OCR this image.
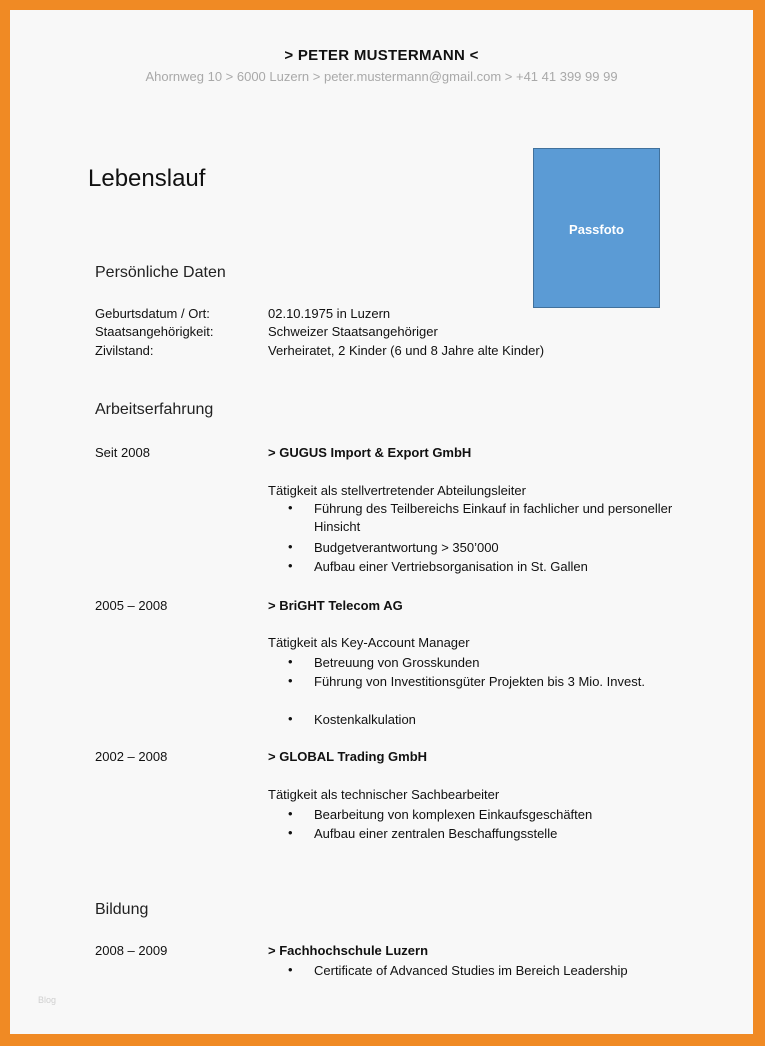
> PETER MUSTERMANN <
Ahornweg 10 > 6000 Luzern > peter.mustermann@gmail.com > +41 41 399 99 99
Lebenslauf
Passfoto
Persönliche Daten
Geburtsdatum / Ort:	02.10.1975 in Luzern
Staatsangehörigkeit:	Schweizer Staatsangehöriger
Zivilstand:	Verheiratet, 2 Kinder (6 und 8 Jahre alte Kinder)
Arbeitserfahrung
Seit 2008	> GUGUS Import & Export GmbH
Tätigkeit als stellvertretender Abteilungsleiter
• Führung des Teilbereichs Einkauf in fachlicher und personeller Hinsicht
• Budgetverantwortung > 350’000
• Aufbau einer Vertriebsorganisation in St. Gallen
2005 – 2008	> BriGHT Telecom AG
Tätigkeit als Key-Account Manager
• Betreuung von Grosskunden
• Führung von Investitionsgüter Projekten bis 3 Mio. Invest.
• Kostenkalkulation
2002 – 2008	> GLOBAL Trading GmbH
Tätigkeit als technischer Sachbearbeiter
• Bearbeitung von komplexen Einkaufsgeschäften
• Aufbau einer zentralen Beschaffungsstelle
Bildung
2008 – 2009	> Fachhochschule Luzern
• Certificate of Advanced Studies im Bereich Leadership
Blog
